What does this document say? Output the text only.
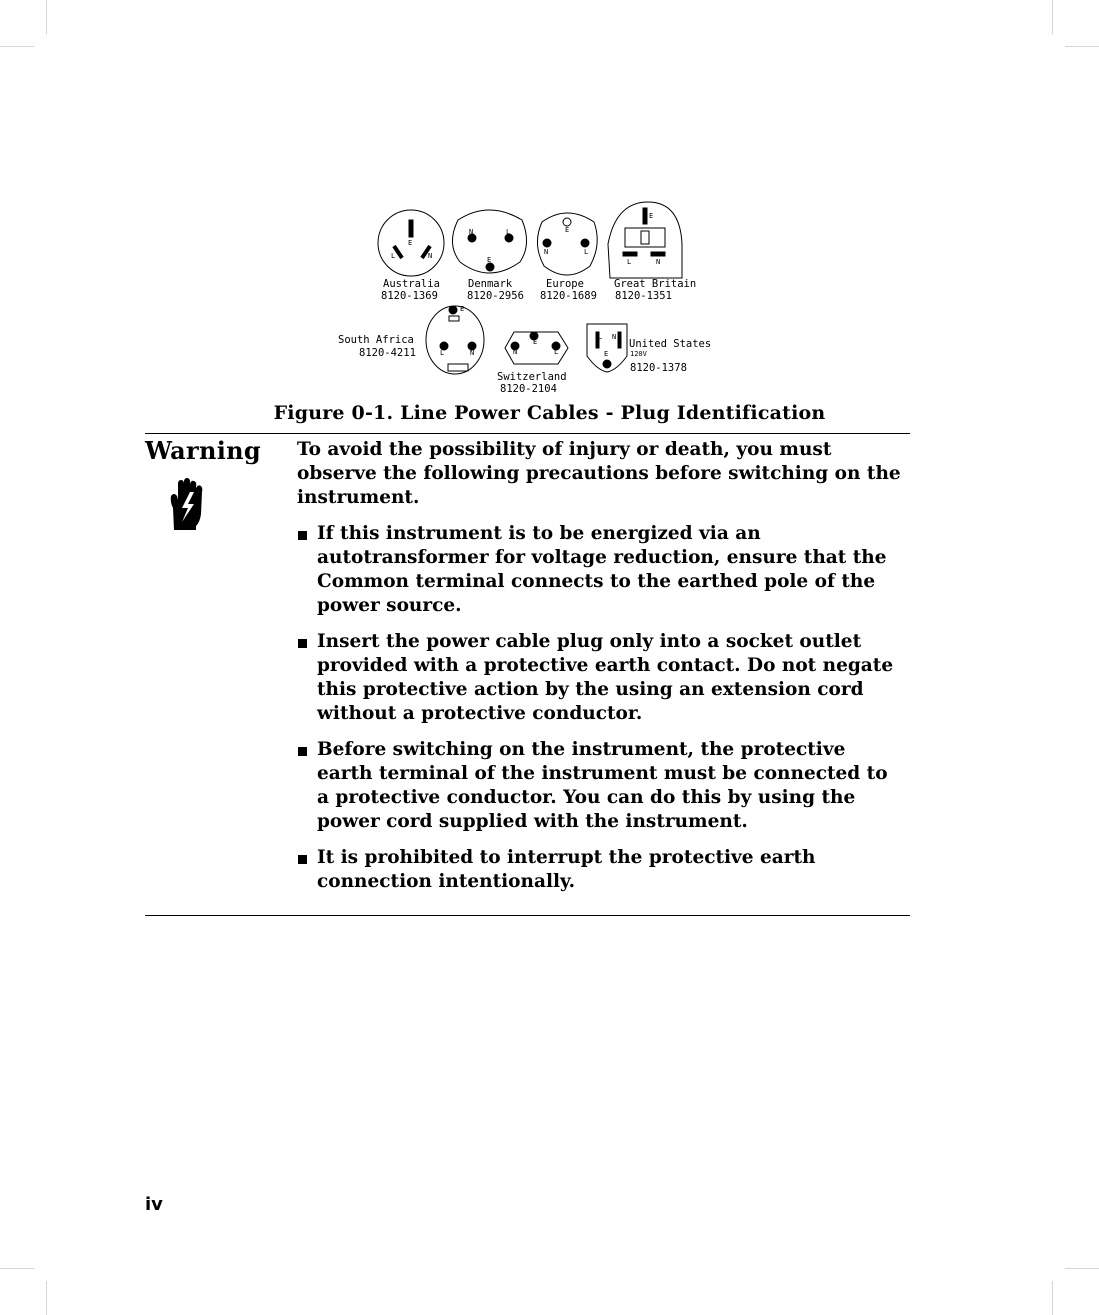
E
L	N
N	L
E
E
N	L
E
L	N
E
L	N	N
E
L
L N
E
Australia
8120-1369
Denmark
8120-2956
Europe
8120-1689
Great Britain
8120-1351
South Africa
8120-4211
Switzerland
8120-2104
United States
120V
8120-1378
Figure 0-1. Line Power Cables - Plug Identification
Warning To avoid the possibility of injury or death, you must observe the following precautions before switching on the instrument.

If this instrument is to be energized via an autotransformer for voltage reduction, ensure that the Common terminal connects to the earthed pole of the power source.
Insert the power cable plug only into a socket outlet provided with a protective earth contact. Do not negate this protective action by the using an extension cord without a protective conductor.
Before switching on the instrument, the protective earth terminal of the instrument must be connected to a protective conductor. You can do this by using the power cord supplied with the instrument.
It is prohibited to interrupt the protective earth connection intentionally.
iv
